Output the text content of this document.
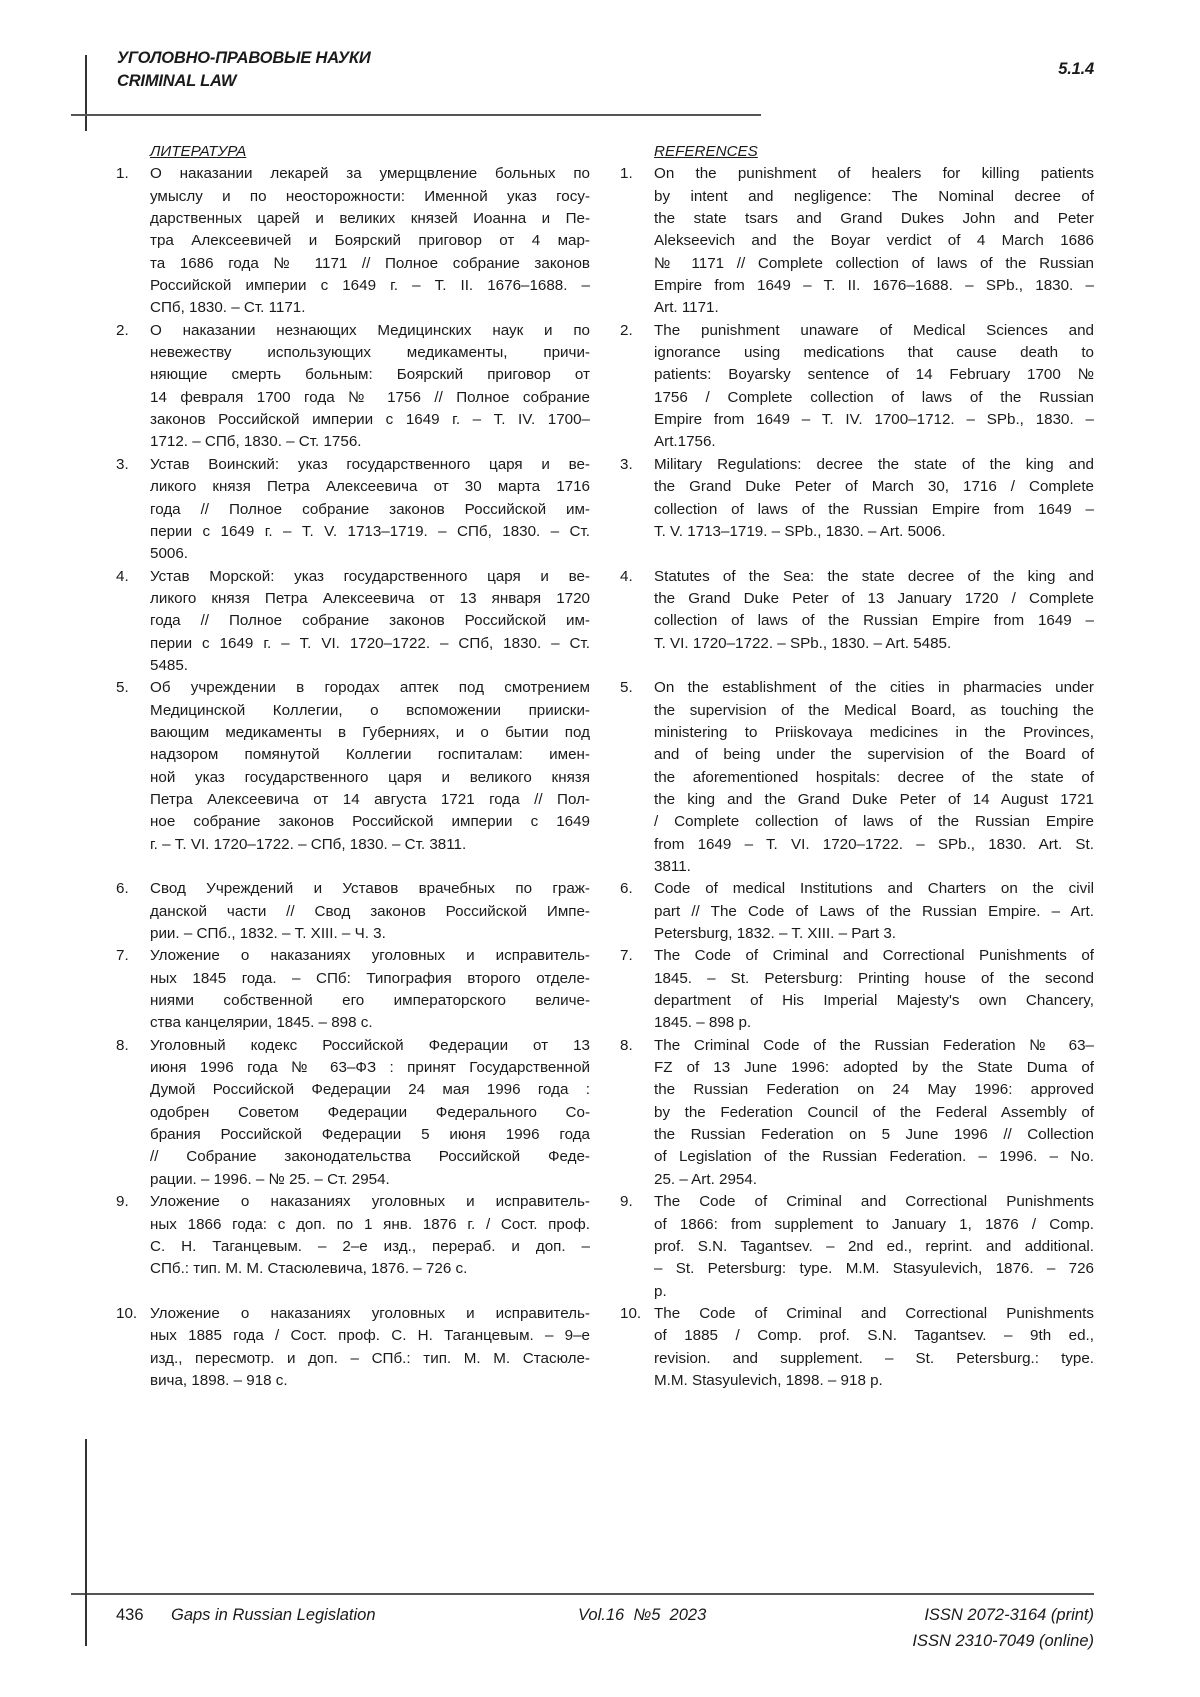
УГОЛОВНО-ПРАВОВЫЕ НАУКИ
CRIMINAL LAW
5.1.4
ЛИТЕРАТУРА
1.	О наказании лекарей за умерщвление больных по
умыслу и по неосторожности: Именной указ госу-
дарственных царей и великих князей Иоанна и Пе-
тра Алексеевичей и Боярский приговор от 4 мар-
та 1686 года № 1171 // Полное собрание законов
Российской империи с 1649 г. – Т. II. 1676–1688. –
СПб, 1830. – Ст. 1171.
2.	О наказании незнающих Медицинских наук и по
невежеству использующих медикаменты, причи-
няющие смерть больным: Боярский приговор от
14 февраля 1700 года № 1756 // Полное собрание
законов Российской империи с 1649 г. – Т. IV. 1700–
1712. – СПб, 1830. – Ст. 1756.
3.	Устав Воинский: указ государственного царя и ве-
ликого князя Петра Алексеевича от 30 марта 1716
года // Полное собрание законов Российской им-
перии с 1649 г. – Т. V. 1713–1719. – СПб, 1830. – Ст.
5006.
4.	Устав Морской: указ государственного царя и ве-
ликого князя Петра Алексеевича от 13 января 1720
года // Полное собрание законов Российской им-
перии с 1649 г. – Т. VI. 1720–1722. – СПб, 1830. – Ст.
5485.
5.	Об учреждении в городах аптек под смотрением
Медицинской Коллегии, о вспоможении прииски-
вающим медикаменты в Губерниях, и о бытии под
надзором помянутой Коллегии госпиталам: имен-
ной указ государственного царя и великого князя
Петра Алексеевича от 14 августа 1721 года // Пол-
ное собрание законов Российской империи с 1649
г. – Т. VI. 1720–1722. – СПб, 1830. – Ст. 3811.
6.	Свод Учреждений и Уставов врачебных по граж-
данской части // Свод законов Российской Импе-
рии. – СПб., 1832. – Т. XIII. – Ч. 3.
7.	Уложение о наказаниях уголовных и исправитель-
ных 1845 года. – СПб: Типография второго отделе-
ниями собственной его императорского величе-
ства канцелярии, 1845. – 898 с.
8.	Уголовный кодекс Российской Федерации от 13
июня 1996 года № 63–ФЗ : принят Государственной
Думой Российской Федерации 24 мая 1996 года :
одобрен Советом Федерации Федерального Со-
брания Российской Федерации 5 июня 1996 года
// Собрание законодательства Российской Феде-
рации. – 1996. – № 25. – Ст. 2954.
9.	Уложение о наказаниях уголовных и исправитель-
ных 1866 года: с доп. по 1 янв. 1876 г. / Сост. проф.
С. Н. Таганцевым. – 2–е изд., перераб. и доп. –
СПб.: тип. М. М. Стасюлевича, 1876. – 726 с.
10. Уложение о наказаниях уголовных и исправитель-
ных 1885 года / Сост. проф. С. Н. Таганцевым. – 9–е
изд., пересмотр. и доп. – СПб.: тип. М. М. Стасюле-
вича, 1898. – 918 с.
REFERENCES
1.	On the punishment of healers for killing patients
by intent and negligence: The Nominal decree of
the state tsars and Grand Dukes John and Peter
Alekseevich and the Boyar verdict of 4 March 1686
№ 1171 // Complete collection of laws of the Russian
Empire from 1649 – T. II. 1676–1688. – SPb., 1830. –
Art. 1171.
2.	The punishment unaware of Medical Sciences and
ignorance using medications that cause death to
patients: Boyarsky sentence of 14 February 1700 №
1756 / Complete collection of laws of the Russian
Empire from 1649 – T. IV. 1700–1712. – SPb., 1830. –
Art.1756.
3.	Military Regulations: decree the state of the king and
the Grand Duke Peter of March 30, 1716 / Complete
collection of laws of the Russian Empire from 1649 –
T. V. 1713–1719. – SPb., 1830. – Art. 5006.
4.	Statutes of the Sea: the state decree of the king and
the Grand Duke Peter of 13 January 1720 / Complete
collection of laws of the Russian Empire from 1649 –
T. VI. 1720–1722. – SPb., 1830. – Art. 5485.
5.	On the establishment of the cities in pharmacies under
the supervision of the Medical Board, as touching the
ministering to Priiskovaya medicines in the Provinces,
and of being under the supervision of the Board of
the aforementioned hospitals: decree of the state of
the king and the Grand Duke Peter of 14 August 1721
/ Complete collection of laws of the Russian Empire
from 1649 – T. VI. 1720–1722. – SPb., 1830. Art. St.
3811.
6.	Code of medical Institutions and Charters on the civil
part // The Code of Laws of the Russian Empire. – Art.
Petersburg, 1832. – T. XIII. – Part 3.
7.	The Code of Criminal and Correctional Punishments of
1845. – St. Petersburg: Printing house of the second
department of His Imperial Majesty's own Chancery,
1845. – 898 p.
8.	The Criminal Code of the Russian Federation № 63–
FZ of 13 June 1996: adopted by the State Duma of
the Russian Federation on 24 May 1996: approved
by the Federation Council of the Federal Assembly of
the Russian Federation on 5 June 1996 // Collection
of Legislation of the Russian Federation. – 1996. – No.
25. – Art. 2954.
9.	The Code of Criminal and Correctional Punishments
of 1866: from supplement to January 1, 1876 / Comp.
prof. S.N. Tagantsev. – 2nd ed., reprint. and additional.
– St. Petersburg: type. M.M. Stasyulevich, 1876. – 726
p.
10. The Code of Criminal and Correctional Punishments
of 1885 / Comp. prof. S.N. Tagantsev. – 9th ed.,
revision. and supplement. – St. Petersburg.: type.
M.M. Stasyulevich, 1898. – 918 p.
436 Gaps in Russian Legislation	Vol.16  №5  2023	ISSN 2072-3164 (print)
ISSN 2310-7049 (online)
